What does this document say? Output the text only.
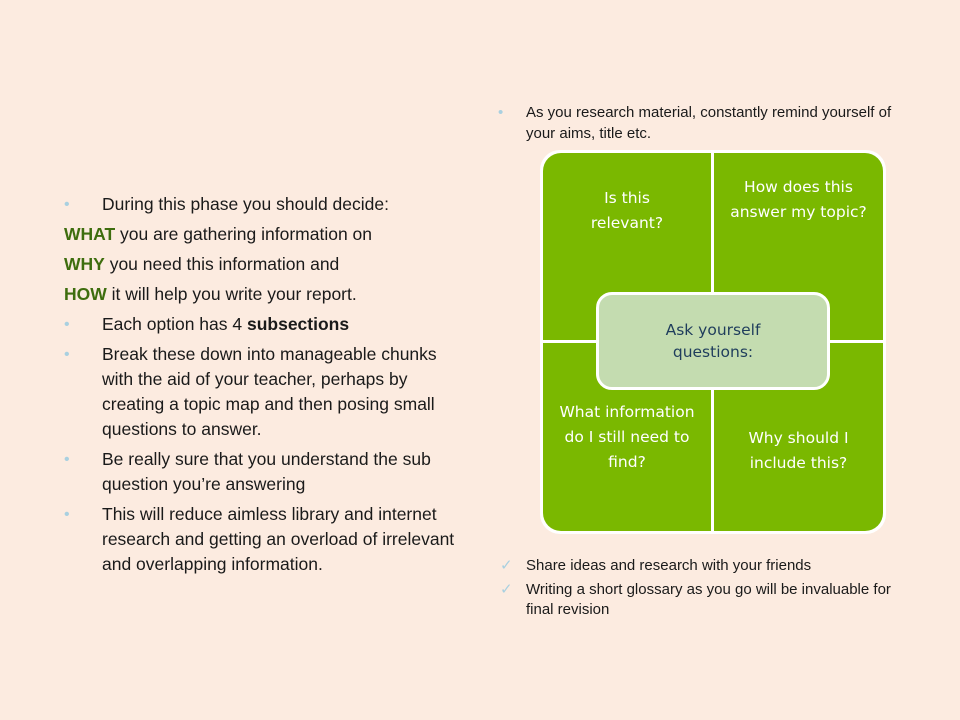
• During this phase you should decide:
WHAT you are gathering information on
WHY you need this information and
HOW it will help you write your report.
• Each option has 4 subsections
• Break these down into manageable chunks with the aid of your teacher, perhaps by creating a topic map and then posing small questions to answer.
• Be really sure that you understand the sub question you’re answering
• This will reduce aimless library and internet research and getting an overload of irrelevant and overlapping information.
• As you research material, constantly remind yourself of your aims, title etc.
Is this relevant?
How does this answer my topic?
What information do I still need to find?
Why should I include this?
Ask yourself questions:
✓ Share ideas and research with your friends
✓ Writing a short glossary as you go will be invaluable for final revision
